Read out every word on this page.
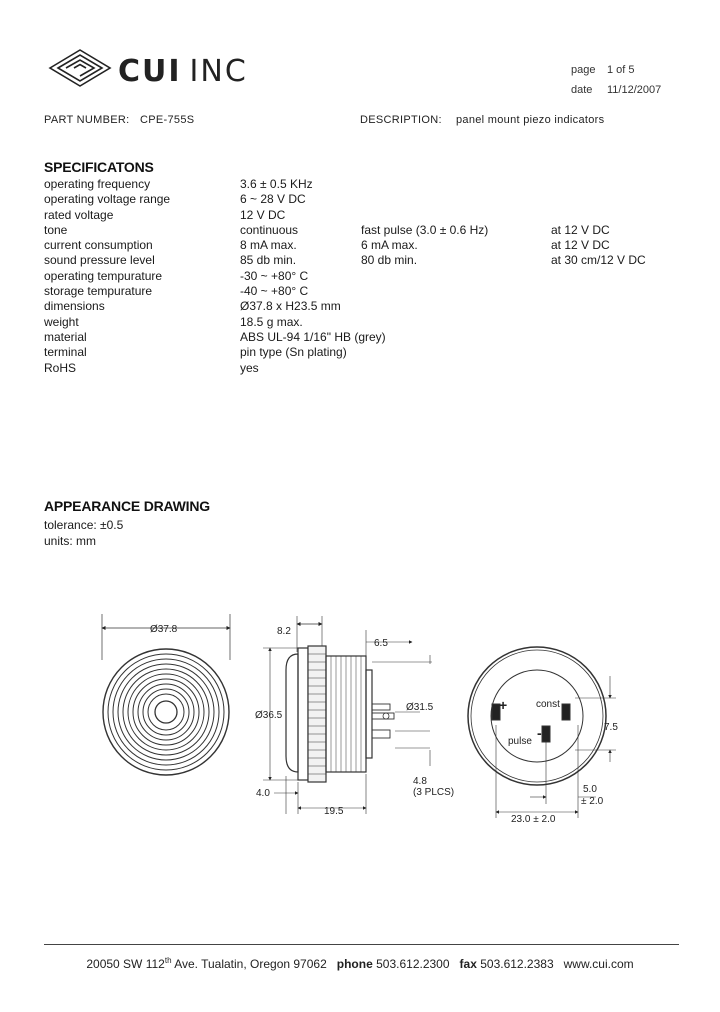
CUI  INC	page 1 of 5
date 11/12/2007
PART NUMBER: CPE-755S	DESCRIPTION: panel mount piezo indicators
SPECIFICATONS
operating frequency	3.6 ± 0.5 KHz
operating voltage range	6 ~ 28 V DC
rated voltage	12 V DC
tone	continuous	fast pulse (3.0 ± 0.6 Hz)	at 12 V DC
current consumption	8 mA max.	6 mA max.	at 12 V DC
sound pressure level	85 db min.	80 db min.	at 30 cm/12 V DC
operating tempurature	-30 ~ +80° C
storage tempurature	-40 ~ +80° C
dimensions	Ø37.8 x H23.5 mm
weight	18.5 g max.
material	ABS UL-94 1/16" HB (grey)
terminal	pin type (Sn plating)
RoHS	yes
APPEARANCE DRAWING
tolerance: ±0.5
units: mm
Ø37.8	8.2
6.5
Ø36.5
Ø31.5
4.8
(3 PLCS)
4.0
19.5
+	const
pulse
-	7.5
5.0
± 2.0
23.0 ± 2.0
20050 SW 112th Ave. Tualatin, Oregon 97062 phone 503.612.2300 fax 503.612.2383 www.cui.com
